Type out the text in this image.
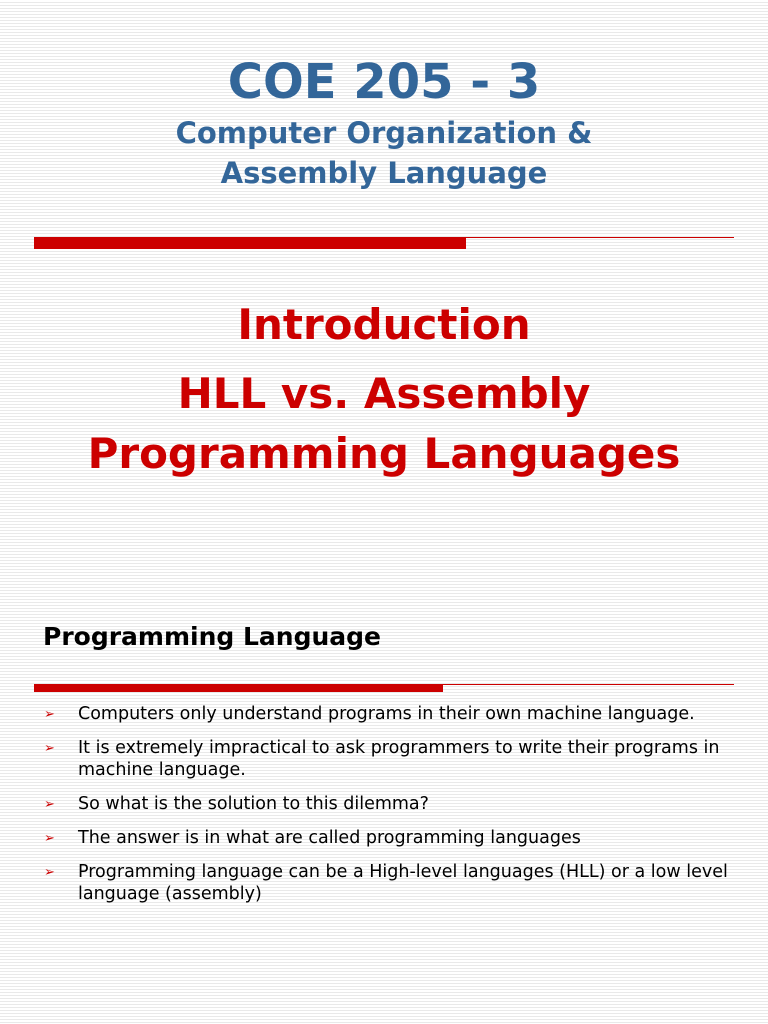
COE 205 - 3
Computer Organization &
Assembly Language
Introduction
HLL vs. Assembly
Programming Languages
Programming Language
➢ Computers only understand programs in their own machine language.
➢ It is extremely impractical to ask programmers to write their programs in machine language.
➢ So what is the solution to this dilemma?
➢ The answer is in what are called programming languages
➢ Programming language can be a High-level languages (HLL) or a low level language (assembly)
